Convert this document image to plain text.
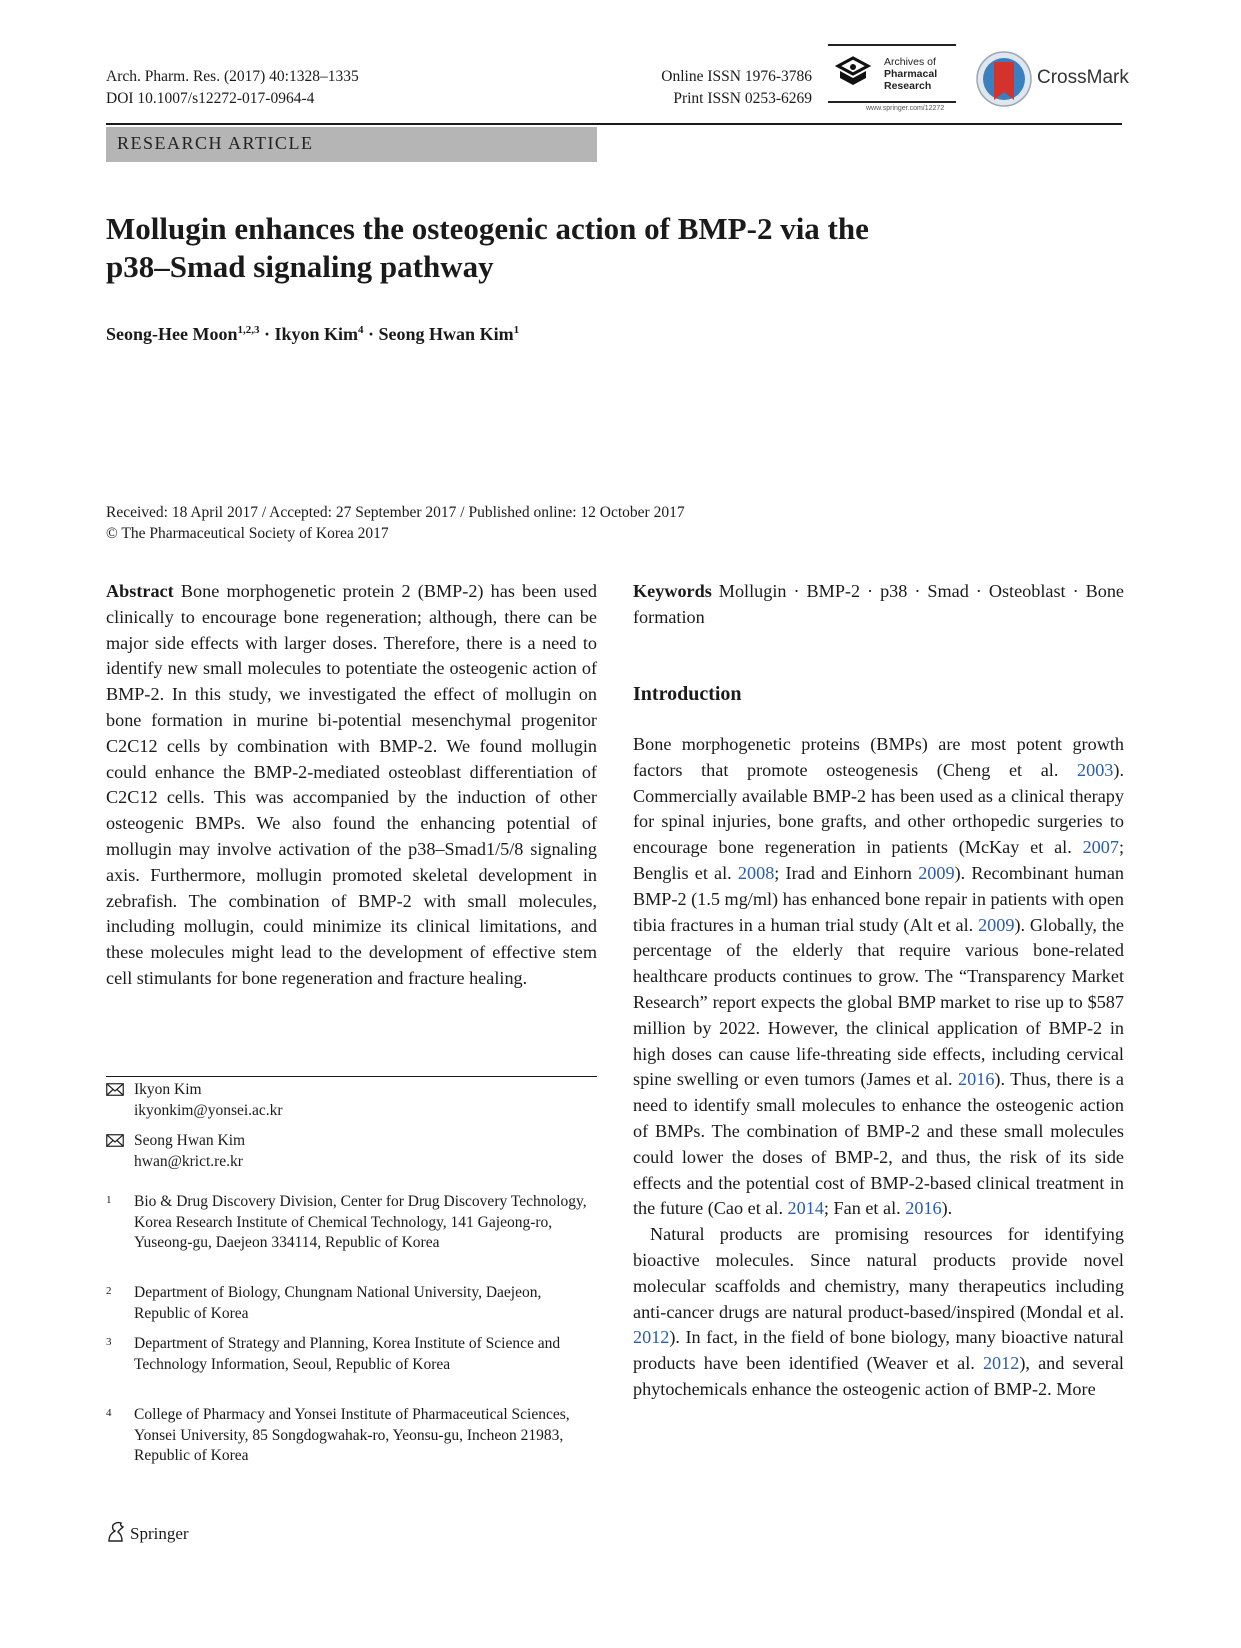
Arch. Pharm. Res. (2017) 40:1328–1335
DOI 10.1007/s12272-017-0964-4
Online ISSN 1976-3786
Print ISSN 0253-6269
Archives of
Pharmacal
Research
www.springer.com/12272
CrossMark
RESEARCH ARTICLE
Mollugin enhances the osteogenic action of BMP-2 via the p38–Smad signaling pathway
Seong-Hee Moon$^{1,2,3}$ · Ikyon Kim$^4$ · Seong Hwan Kim$^1$
Received: 18 April 2017 / Accepted: 27 September 2017 / Published online: 12 October 2017
© The Pharmaceutical Society of Korea 2017
Abstract Bone morphogenetic protein 2 (BMP-2) has been used clinically to encourage bone regeneration; although, there can be major side effects with larger doses. Therefore, there is a need to identify new small molecules to potentiate the osteogenic action of BMP-2. In this study, we investigated the effect of mollugin on bone formation in murine bi-potential mesenchymal progenitor C2C12 cells by combination with BMP-2. We found mollugin could enhance the BMP-2-mediated osteoblast differentiation of C2C12 cells. This was accompanied by the induction of other osteogenic BMPs. We also found the enhancing potential of mollugin may involve activation of the p38–Smad1/5/8 signaling axis. Furthermore, mollugin promoted skeletal development in zebrafish. The combination of BMP-2 with small molecules, including mollugin, could minimize its clinical limitations, and these molecules might lead to the development of effective stem cell stimulants for bone regeneration and fracture healing.
Keywords Mollugin · BMP-2 · p38 · Smad · Osteoblast · Bone formation
Introduction

Bone morphogenetic proteins (BMPs) are most potent growth factors that promote osteogenesis (Cheng et al. 2003). Commercially available BMP-2 has been used as a clinical therapy for spinal injuries, bone grafts, and other orthopedic surgeries to encourage bone regeneration in patients (McKay et al. 2007; Benglis et al. 2008; Irad and Einhorn 2009). Recombinant human BMP-2 (1.5 mg/ml) has enhanced bone repair in patients with open tibia fractures in a human trial study (Alt et al. 2009). Globally, the percentage of the elderly that require various bone-related healthcare products continues to grow. The “Transparency Market Research” report expects the global BMP market to rise up to $587 million by 2022. However, the clinical application of BMP-2 in high doses can cause life-threating side effects, including cervical spine swelling or even tumors (James et al. 2016). Thus, there is a need to identify small molecules to enhance the osteogenic action of BMPs. The combination of BMP-2 and these small molecules could lower the doses of BMP-2, and thus, the risk of its side effects and the potential cost of BMP-2-based clinical treatment in the future (Cao et al. 2014; Fan et al. 2016).

Natural products are promising resources for identifying bioactive molecules. Since natural products provide novel molecular scaffolds and chemistry, many therapeutics including anti-cancer drugs are natural product-based/inspired (Mondal et al. 2012). In fact, in the field of bone biology, many bioactive natural products have been identified (Weaver et al. 2012), and several phytochemicals enhance the osteogenic action of BMP-2. More

Ikyon Kim
ikyonkim@yonsei.ac.kr
Seong Hwan Kim
hwan@krict.re.kr
1 Bio & Drug Discovery Division, Center for Drug Discovery Technology, Korea Research Institute of Chemical Technology, 141 Gajeong-ro, Yuseong-gu, Daejeon 334114, Republic of Korea
2 Department of Biology, Chungnam National University, Daejeon, Republic of Korea
3 Department of Strategy and Planning, Korea Institute of Science and Technology Information, Seoul, Republic of Korea
4 College of Pharmacy and Yonsei Institute of Pharmaceutical Sciences, Yonsei University, 85 Songdogwahak-ro, Yeonsu-gu, Incheon 21983, Republic of Korea
Springer
